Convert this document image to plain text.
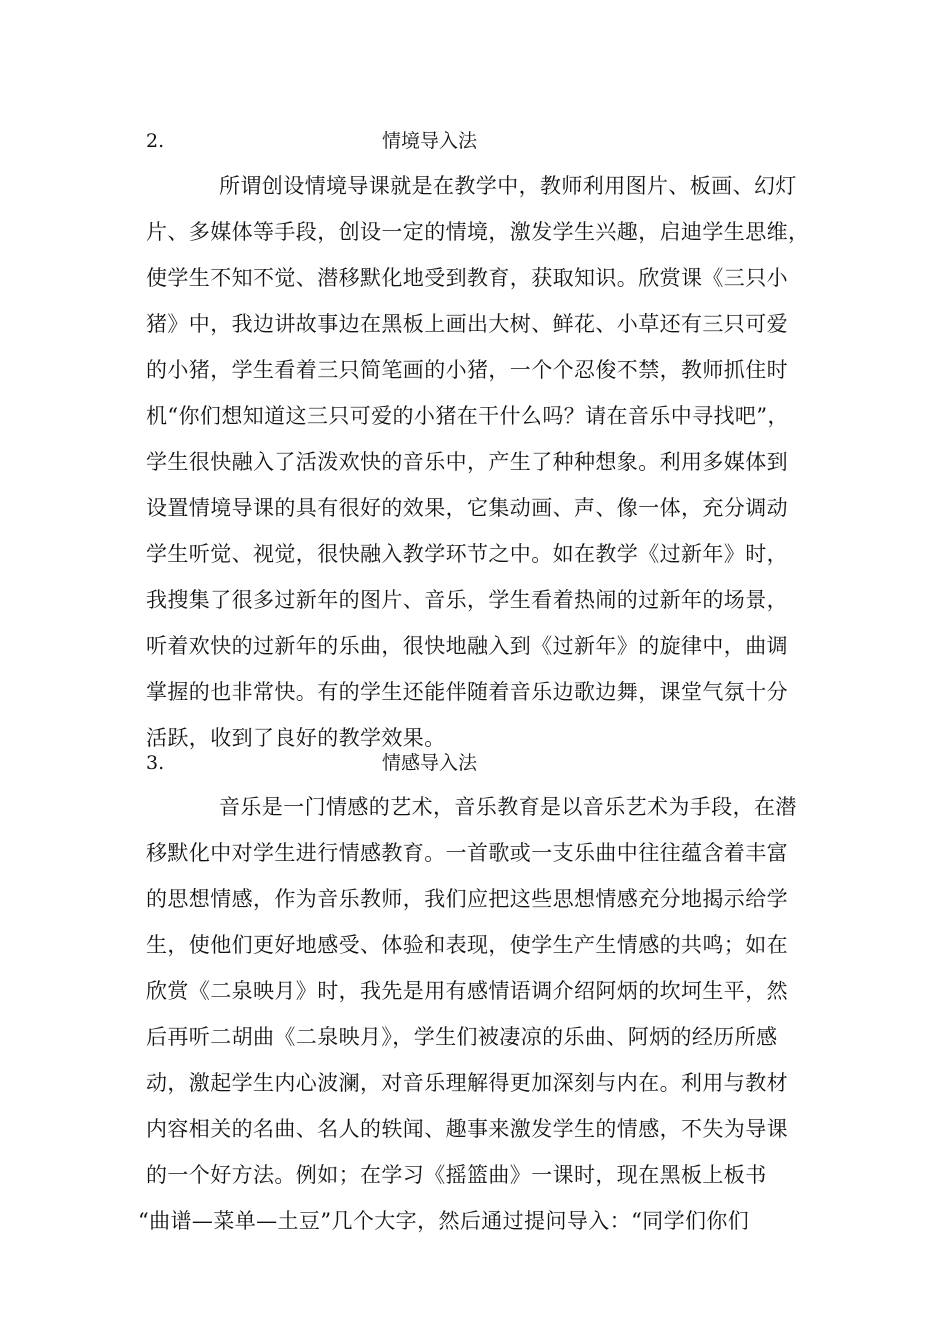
2.	情境导入法
所谓创设情境导课就是在教学中，教师利用图片、板画、幻灯
片、多媒体等手段，创设一定的情境，激发学生兴趣，启迪学生思维，
使学生不知不觉、潜移默化地受到教育，获取知识。欣赏课《三只小
猪》中，我边讲故事边在黑板上画出大树、鲜花、小草还有三只可爱
的小猪，学生看着三只简笔画的小猪，一个个忍俊不禁，教师抓住时
机“你们想知道这三只可爱的小猪在干什么吗？请在音乐中寻找吧”，
学生很快融入了活泼欢快的音乐中，产生了种种想象。利用多媒体到
设置情境导课的具有很好的效果，它集动画、声、像一体，充分调动
学生听觉、视觉，很快融入教学环节之中。如在教学《过新年》时，
我搜集了很多过新年的图片、音乐，学生看着热闹的过新年的场景，
听着欢快的过新年的乐曲，很快地融入到《过新年》的旋律中，曲调
掌握的也非常快。有的学生还能伴随着音乐边歌边舞，课堂气氛十分
活跃，收到了良好的教学效果。
3.	情感导入法
音乐是一门情感的艺术，音乐教育是以音乐艺术为手段，在潜
移默化中对学生进行情感教育。一首歌或一支乐曲中往往蕴含着丰富
的思想情感，作为音乐教师，我们应把这些思想情感充分地揭示给学
生，使他们更好地感受、体验和表现，使学生产生情感的共鸣；如在
欣赏《二泉映月》时，我先是用有感情语调介绍阿炳的坎坷生平，然
后再听二胡曲《二泉映月》，学生们被凄凉的乐曲、阿炳的经历所感
动，激起学生内心波澜，对音乐理解得更加深刻与内在。利用与教材
内容相关的名曲、名人的轶闻、趣事来激发学生的情感，不失为导课
的一个好方法。例如；在学习《摇篮曲》一课时，现在黑板上板书
“曲谱—菜单—土豆”几个大字，然后通过提问导入：“同学们你们
